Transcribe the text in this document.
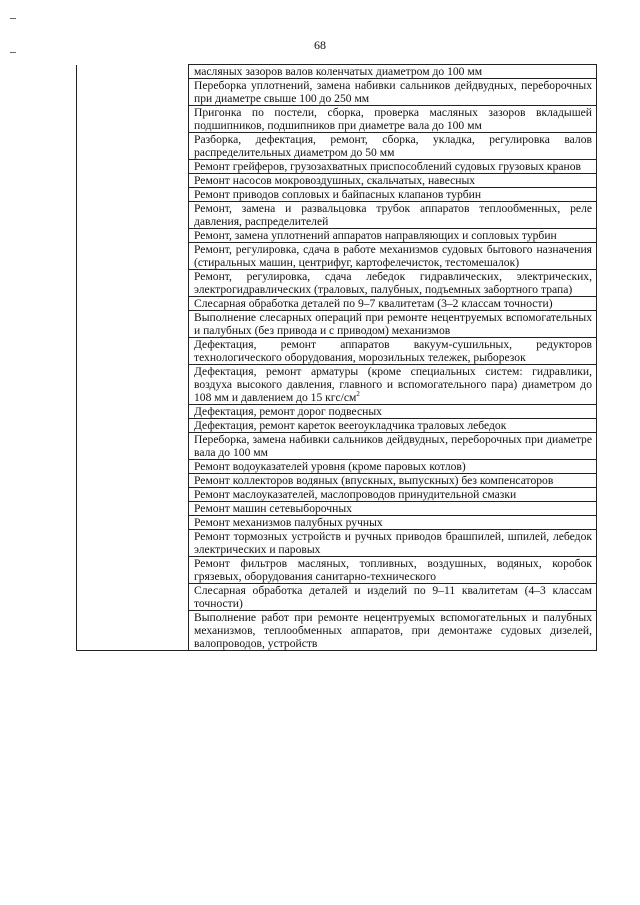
68
	масляных зазоров валов коленчатых диаметром до 100 мм
Переборка уплотнений, замена набивки сальников дейдвудных, переборочных при диаметре свыше 100 до 250 мм
Пригонка по постели, сборка, проверка масляных зазоров вкладышей подшипников, подшипников при диаметре вала до 100 мм
Разборка, дефектация, ремонт, сборка, укладка, регулировка валов распределительных диаметром до 50 мм
Ремонт грейферов, грузозахватных приспособлений судовых грузовых кранов
Ремонт насосов мокровоздушных, скальчатых, навесных
Ремонт приводов сопловых и байпасных клапанов турбин
Ремонт, замена и развальцовка трубок аппаратов теплообменных, реле давления, распределителей
Ремонт, замена уплотнений аппаратов направляющих и сопловых турбин
Ремонт, регулировка, сдача в работе механизмов судовых бытового назначения (стиральных машин, центрифуг, картофелечисток, тестомешалок)
Ремонт, регулировка, сдача лебедок гидравлических, электрических, электрогидравлических (траловых, палубных, подъемных забортного трапа)
Слесарная обработка деталей по 9–7 квалитетам (3–2 классам точности)
Выполнение слесарных операций при ремонте нецентруемых вспомогательных и палубных (без привода и с приводом) механизмов
Дефектация, ремонт аппаратов вакуум-сушильных, редукторов технологического оборудования, морозильных тележек, рыборезок
Дефектация, ремонт арматуры (кроме специальных систем: гидравлики, воздуха высокого давления, главного и вспомогательного пара) диаметром до 108 мм и давлением до 15 кгс/$см^2$
Дефектация, ремонт дорог подвесных
Дефектация, ремонт кареток вееroукладчика траловых лебедок
Переборка, замена набивки сальников дейдвудных, переборочных при диаметре вала до 100 мм
Ремонт водоуказателей уровня (кроме паровых котлов)
Ремонт коллекторов водяных (впускных, выпускных) без компенсаторов
Ремонт маслоуказателей, маслопроводов принудительной смазки
Ремонт машин сетевыборочных
Ремонт механизмов палубных ручных
Ремонт тормозных устройств и ручных приводов брашпилей, шпилей, лебедок электрических и паровых
Ремонт фильтров масляных, топливных, воздушных, водяных, коробок грязевых, оборудования санитарно-технического
Слесарная обработка деталей и изделий по 9–11 квалитетам (4–3 классам точности)
Выполнение работ при ремонте нецентруемых вспомогательных и палубных механизмов, теплообменных аппаратов, при демонтаже судовых дизелей, валопроводов, устройств
